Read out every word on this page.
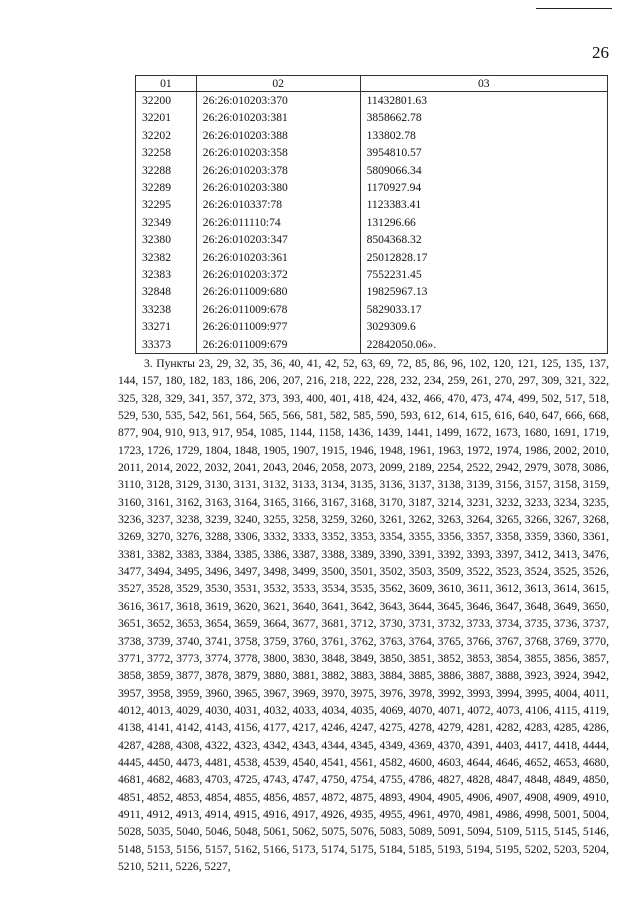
26
01	02	03
32200	26:26:010203:370	11432801.63
32201	26:26:010203:381	3858662.78
32202	26:26:010203:388	133802.78
32258	26:26:010203:358	3954810.57
32288	26:26:010203:378	5809066.34
32289	26:26:010203:380	1170927.94
32295	26:26:010337:78	1123383.41
32349	26:26:011110:74	131296.66
32380	26:26:010203:347	8504368.32
32382	26:26:010203:361	25012828.17
32383	26:26:010203:372	7552231.45
32848	26:26:011009:680	19825967.13
33238	26:26:011009:678	5829033.17
33271	26:26:011009:977	3029309.6
33373	26:26:011009:679	22842050.06».
3. Пункты 23, 29, 32, 35, 36, 40, 41, 42, 52, 63, 69, 72, 85, 86, 96, 102, 120, 121, 125, 135, 137, 144, 157, 180, 182, 183, 186, 206, 207, 216, 218, 222, 228, 232, 234, 259, 261, 270, 297, 309, 321, 322, 325, 328, 329, 341, 357, 372, 373, 393, 400, 401, 418, 424, 432, 466, 470, 473, 474, 499, 502, 517, 518, 529, 530, 535, 542, 561, 564, 565, 566, 581, 582, 585, 590, 593, 612, 614, 615, 616, 640, 647, 666, 668, 877, 904, 910, 913, 917, 954, 1085, 1144, 1158, 1436, 1439, 1441, 1499, 1672, 1673, 1680, 1691, 1719, 1723, 1726, 1729, 1804, 1848, 1905, 1907, 1915, 1946, 1948, 1961, 1963, 1972, 1974, 1986, 2002, 2010, 2011, 2014, 2022, 2032, 2041, 2043, 2046, 2058, 2073, 2099, 2189, 2254, 2522, 2942, 2979, 3078, 3086, 3110, 3128, 3129, 3130, 3131, 3132, 3133, 3134, 3135, 3136, 3137, 3138, 3139, 3156, 3157, 3158, 3159, 3160, 3161, 3162, 3163, 3164, 3165, 3166, 3167, 3168, 3170, 3187, 3214, 3231, 3232, 3233, 3234, 3235, 3236, 3237, 3238, 3239, 3240, 3255, 3258, 3259, 3260, 3261, 3262, 3263, 3264, 3265, 3266, 3267, 3268, 3269, 3270, 3276, 3288, 3306, 3332, 3333, 3352, 3353, 3354, 3355, 3356, 3357, 3358, 3359, 3360, 3361, 3381, 3382, 3383, 3384, 3385, 3386, 3387, 3388, 3389, 3390, 3391, 3392, 3393, 3397, 3412, 3413, 3476, 3477, 3494, 3495, 3496, 3497, 3498, 3499, 3500, 3501, 3502, 3503, 3509, 3522, 3523, 3524, 3525, 3526, 3527, 3528, 3529, 3530, 3531, 3532, 3533, 3534, 3535, 3562, 3609, 3610, 3611, 3612, 3613, 3614, 3615, 3616, 3617, 3618, 3619, 3620, 3621, 3640, 3641, 3642, 3643, 3644, 3645, 3646, 3647, 3648, 3649, 3650, 3651, 3652, 3653, 3654, 3659, 3664, 3677, 3681, 3712, 3730, 3731, 3732, 3733, 3734, 3735, 3736, 3737, 3738, 3739, 3740, 3741, 3758, 3759, 3760, 3761, 3762, 3763, 3764, 3765, 3766, 3767, 3768, 3769, 3770, 3771, 3772, 3773, 3774, 3778, 3800, 3830, 3848, 3849, 3850, 3851, 3852, 3853, 3854, 3855, 3856, 3857, 3858, 3859, 3877, 3878, 3879, 3880, 3881, 3882, 3883, 3884, 3885, 3886, 3887, 3888, 3923, 3924, 3942, 3957, 3958, 3959, 3960, 3965, 3967, 3969, 3970, 3975, 3976, 3978, 3992, 3993, 3994, 3995, 4004, 4011, 4012, 4013, 4029, 4030, 4031, 4032, 4033, 4034, 4035, 4069, 4070, 4071, 4072, 4073, 4106, 4115, 4119, 4138, 4141, 4142, 4143, 4156, 4177, 4217, 4246, 4247, 4275, 4278, 4279, 4281, 4282, 4283, 4285, 4286, 4287, 4288, 4308, 4322, 4323, 4342, 4343, 4344, 4345, 4349, 4369, 4370, 4391, 4403, 4417, 4418, 4444, 4445, 4450, 4473, 4481, 4538, 4539, 4540, 4541, 4561, 4582, 4600, 4603, 4644, 4646, 4652, 4653, 4680, 4681, 4682, 4683, 4703, 4725, 4743, 4747, 4750, 4754, 4755, 4786, 4827, 4828, 4847, 4848, 4849, 4850, 4851, 4852, 4853, 4854, 4855, 4856, 4857, 4872, 4875, 4893, 4904, 4905, 4906, 4907, 4908, 4909, 4910, 4911, 4912, 4913, 4914, 4915, 4916, 4917, 4926, 4935, 4955, 4961, 4970, 4981, 4986, 4998, 5001, 5004, 5028, 5035, 5040, 5046, 5048, 5061, 5062, 5075, 5076, 5083, 5089, 5091, 5094, 5109, 5115, 5145, 5146, 5148, 5153, 5156, 5157, 5162, 5166, 5173, 5174, 5175, 5184, 5185, 5193, 5194, 5195, 5202, 5203, 5204, 5210, 5211, 5226, 5227,
